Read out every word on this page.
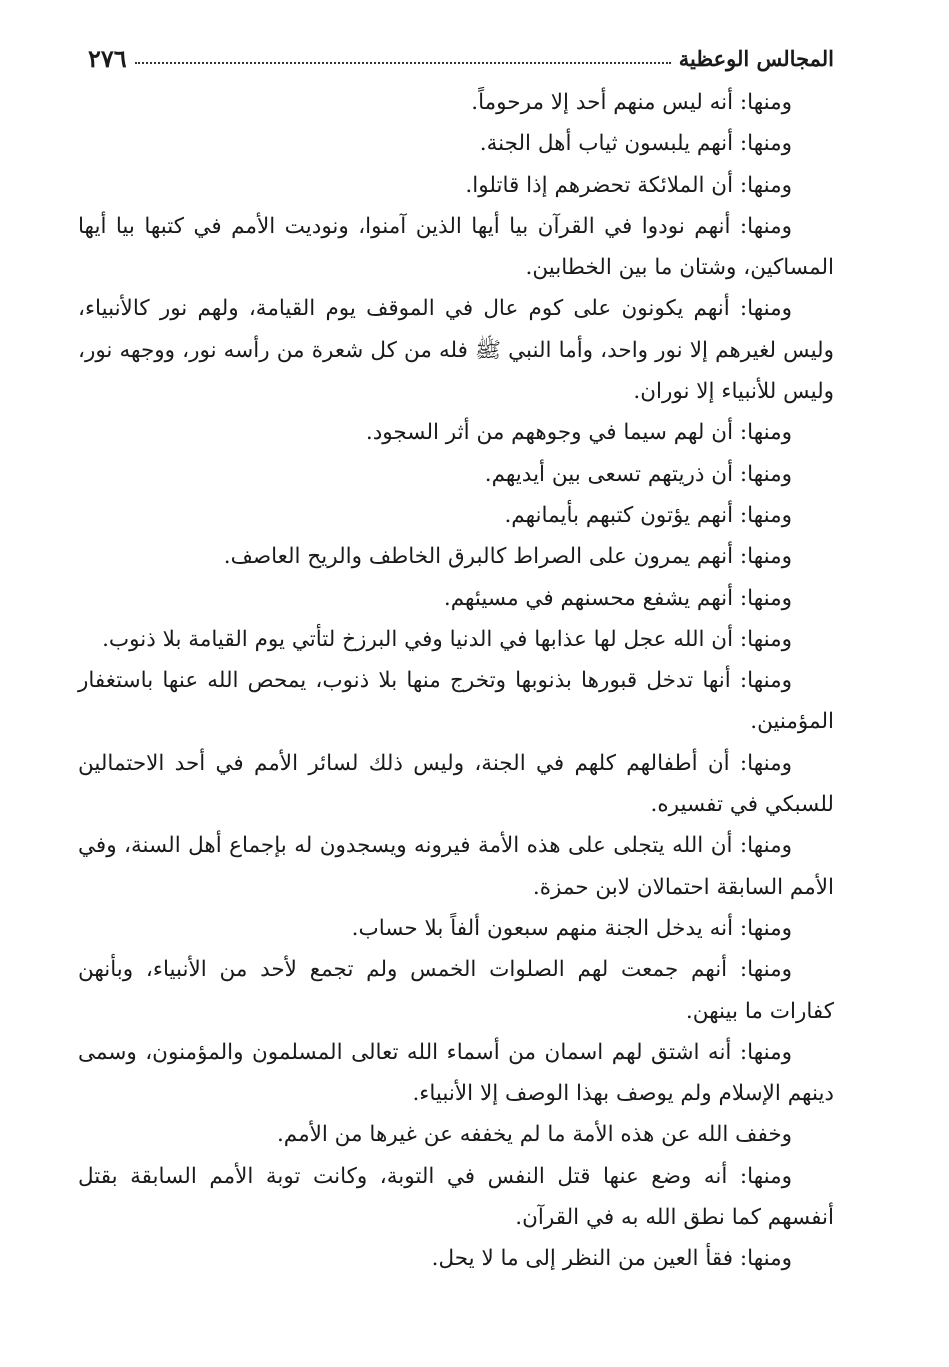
المجالس الوعظية
٢٧٦

ومنها: أنه ليس منهم أحد إلا مرحوماً.

ومنها: أنهم يلبسون ثياب أهل الجنة.

ومنها: أن الملائكة تحضرهم إذا قاتلوا.

ومنها: أنهم نودوا في القرآن بيا أيها الذين آمنوا، ونوديت الأمم في كتبها بيا أيها المساكين، وشتان ما بين الخطابين.

ومنها: أنهم يكونون على كوم عال في الموقف يوم القيامة، ولهم نور كالأنبياء، وليس لغيرهم إلا نور واحد، وأما النبي ﷺ فله من كل شعرة من رأسه نور، ووجهه نور، وليس للأنبياء إلا نوران.

ومنها: أن لهم سيما في وجوههم من أثر السجود.

ومنها: أن ذريتهم تسعى بين أيديهم.

ومنها: أنهم يؤتون كتبهم بأيمانهم.

ومنها: أنهم يمرون على الصراط كالبرق الخاطف والريح العاصف.

ومنها: أنهم يشفع محسنهم في مسيئهم.

ومنها: أن الله عجل لها عذابها في الدنيا وفي البرزخ لتأتي يوم القيامة بلا ذنوب.

ومنها: أنها تدخل قبورها بذنوبها وتخرج منها بلا ذنوب، يمحص الله عنها باستغفار المؤمنين.

ومنها: أن أطفالهم كلهم في الجنة، وليس ذلك لسائر الأمم في أحد الاحتمالين للسبكي في تفسيره.

ومنها: أن الله يتجلى على هذه الأمة فيرونه ويسجدون له بإجماع أهل السنة، وفي الأمم السابقة احتمالان لابن حمزة.

ومنها: أنه يدخل الجنة منهم سبعون ألفاً بلا حساب.

ومنها: أنهم جمعت لهم الصلوات الخمس ولم تجمع لأحد من الأنبياء، وبأنهن كفارات ما بينهن.

ومنها: أنه اشتق لهم اسمان من أسماء الله تعالى المسلمون والمؤمنون، وسمى دينهم الإسلام ولم يوصف بهذا الوصف إلا الأنبياء.

وخفف الله عن هذه الأمة ما لم يخففه عن غيرها من الأمم.

ومنها: أنه وضع عنها قتل النفس في التوبة، وكانت توبة الأمم السابقة بقتل أنفسهم كما نطق الله به في القرآن.

ومنها: فقأ العين من النظر إلى ما لا يحل.
